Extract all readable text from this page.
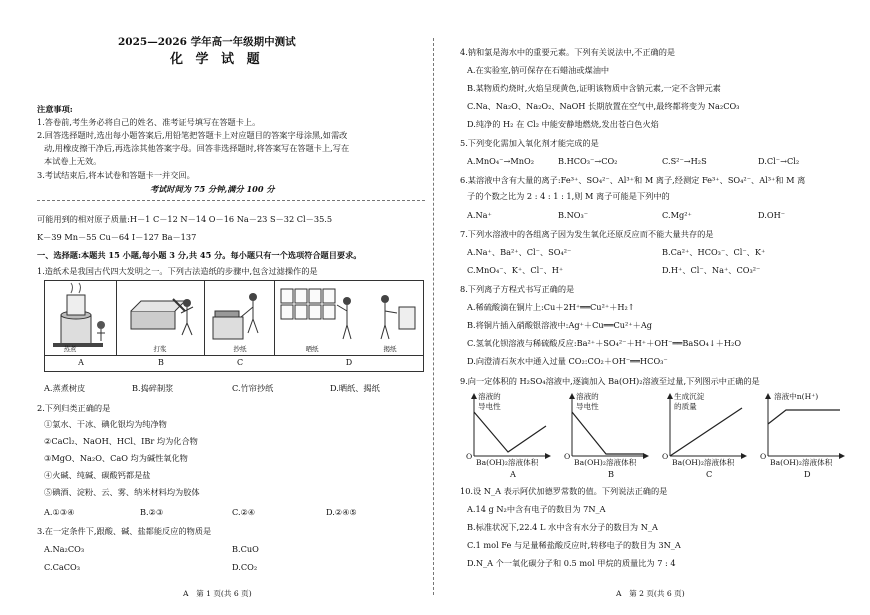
2025—2026 学年高一年级期中测试
化 学 试 题
注意事项:
1.答卷前,考生务必将自己的姓名、准考证号填写在答题卡上。
2.回答选择题时,选出每小题答案后,用铅笔把答题卡上对应题目的答案字母涂黑,如需改
动,用橡皮擦干净后,再选涂其他答案字母。回答非选择题时,将答案写在答题卡上,写在
本试卷上无效。
3.考试结束后,将本试卷和答题卡一并交回。
考试时间为 75 分钟,满分 100 分
可能用到的相对原子质量:H－1 C－12 N－14 O－16 Na－23 S－32 Cl－35.5
K－39 Mn－55 Cu－64 I－127 Ba－137
一、选择题:本题共 15 小题,每小题 3 分,共 45 分。每小题只有一个选项符合题目要求。
1.造纸术是我国古代四大发明之一。下列古法造纸的步骤中,包含过滤操作的是
蒸煮	打浆	抄纸	晒纸	揭纸
A	B	C	D
A.蒸煮树皮	B.捣碎制浆	C.竹帘抄纸	D.晒纸、揭纸
2.下列归类正确的是
①氯水、干冰、碘化银均为纯净物
②CaCl₂、NaOH、HCl、IBr 均为化合物
③MgO、Na₂O、CaO 均为碱性氧化物
④火碱、纯碱、碳酸钙都是盐
⑤碘酒、淀粉、云、雾、纳米材料均为胶体
A.①③④	B.②③	C.②④	D.②④⑤
3.在一定条件下,跟酸、碱、盐都能反应的物质是
A.Na₂CO₃	B.CuO
C.CaCO₃	D.CO₂
A　第 1 页(共 6 页)
4.钠和氯是海水中的重要元素。下列有关说法中,不正确的是
A.在实验室,钠可保存在石蜡油或煤油中
B.某物质灼烧时,火焰呈现黄色,证明该物质中含钠元素,一定不含钾元素
C.Na、Na₂O、Na₂O₂、NaOH 长期放置在空气中,最终都将变为 Na₂CO₃
D.纯净的 H₂ 在 Cl₂ 中能安静地燃烧,发出苍白色火焰
5.下列变化需加入氧化剂才能完成的是
A.MnO₄⁻→MnO₂	B.HCO₃⁻→CO₂	C.S²⁻→H₂S	D.Cl⁻→Cl₂
6.某溶液中含有大量的离子:Fe³⁺、SO₄²⁻、Al³⁺和 M 离子,经测定 Fe³⁺、SO₄²⁻、Al³⁺和 M 离
子的个数之比为 2 : 4 : 1 : 1,则 M 离子可能是下列中的
A.Na⁺	B.NO₃⁻	C.Mg²⁺	D.OH⁻
7.下列水溶液中的各组离子因为发生氧化还原反应而不能大量共存的是
A.Na⁺、Ba²⁺、Cl⁻、SO₄²⁻	B.Ca²⁺、HCO₃⁻、Cl⁻、K⁺
C.MnO₄⁻、K⁺、Cl⁻、H⁺	D.H⁺、Cl⁻、Na⁺、CO₃²⁻
8.下列离子方程式书写正确的是
A.稀硫酸滴在铜片上:Cu＋2H⁺══Cu²⁺＋H₂↑
B.将铜片插入硝酸银溶液中:Ag⁺＋Cu══Cu²⁺＋Ag
C.氢氧化钡溶液与稀硫酸反应:Ba²⁺＋SO₄²⁻＋H⁺＋OH⁻══BaSO₄↓＋H₂O
D.向澄清石灰水中通入过量 CO₂:CO₂＋OH⁻══HCO₃⁻
9.向一定体积的 H₂SO₄溶液中,逐滴加入 Ba(OH)₂溶液至过量,下列图示中正确的是
溶液的
导电性
O
Ba(OH)₂溶液体积
A
溶液的
导电性
O
Ba(OH)₂溶液体积
B
生成沉淀
的质量
O
Ba(OH)₂溶液体积
C
溶液中n(H⁺)
O
Ba(OH)₂溶液体积
D
10.设 N_A 表示阿伏加德罗常数的值。下列说法正确的是
A.14 g N₂中含有电子的数目为 7N_A
B.标准状况下,22.4 L 水中含有水分子的数目为 N_A
C.1 mol Fe 与足量稀盐酸反应时,转移电子的数目为 3N_A
D.N_A 个一氧化碳分子和 0.5 mol 甲烷的质量比为 7 : 4
A　第 2 页(共 6 页)
